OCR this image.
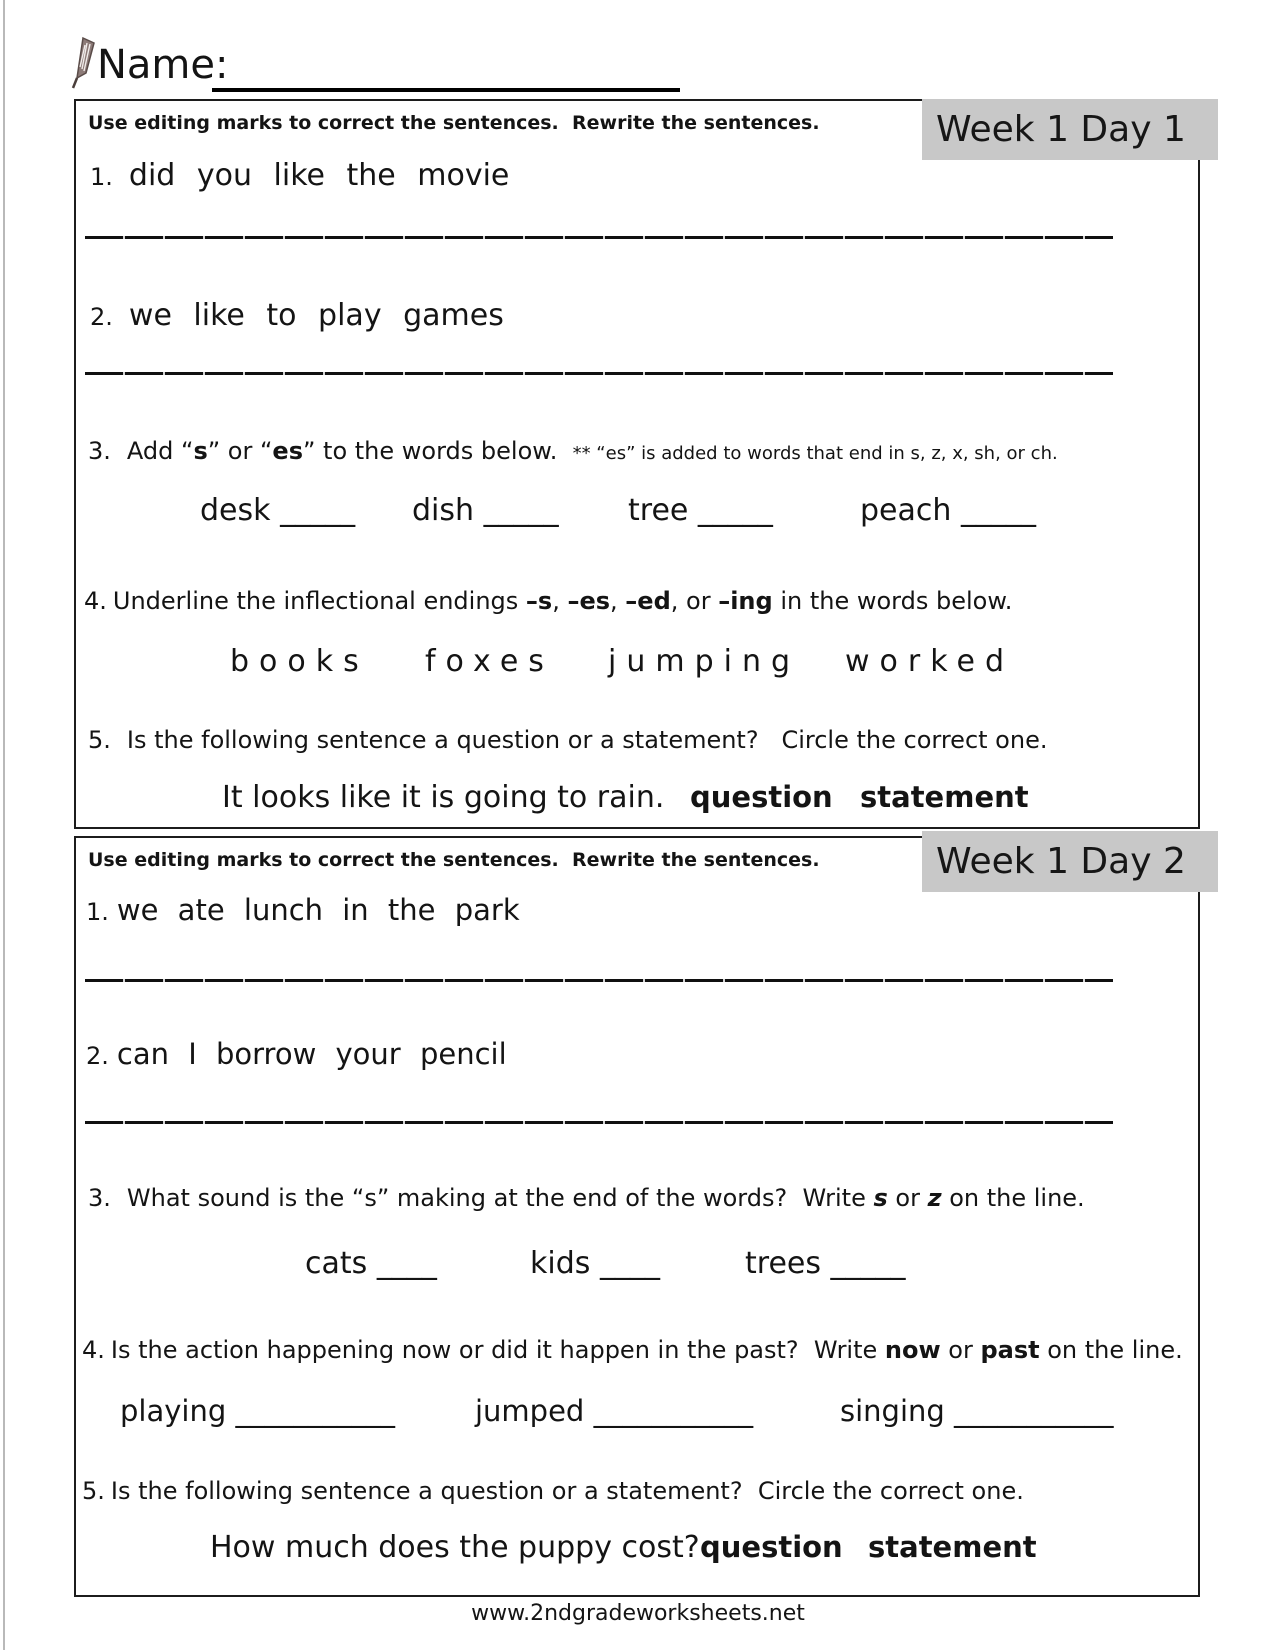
Name:
Week 1 Day 1
Week 1 Day 2
Use editing marks to correct the sentences.  Rewrite the sentences.
1. did you like the movie
2. we like to play games
3. Add “s” or “es” to the words below.  ** “es” is added to words that end in s, z, x, sh, or ch.
desk _____ dish _____ tree _____	peach _____
4. Underline the inflectional endings –s, –es, –ed, or –ing in the words below.
books foxes jumping worked
5. Is the following sentence a question or a statement?   Circle the correct one.
It looks like it is going to rain. question statement
Use editing marks to correct the sentences.  Rewrite the sentences.
1. we ate lunch in the park
2. can I borrow your pencil
3. What sound is the “s” making at the end of the words?  Write s or z on the line.
cats ____	kids ____	trees _____
4. Is the action happening now or did it happen in the past?  Write now or past on the line.
playing ___________	jumped ___________	singing ___________
5. Is the following sentence a question or a statement?  Circle the correct one.
How much does the puppy cost? question statement
www.2ndgradeworksheets.net
